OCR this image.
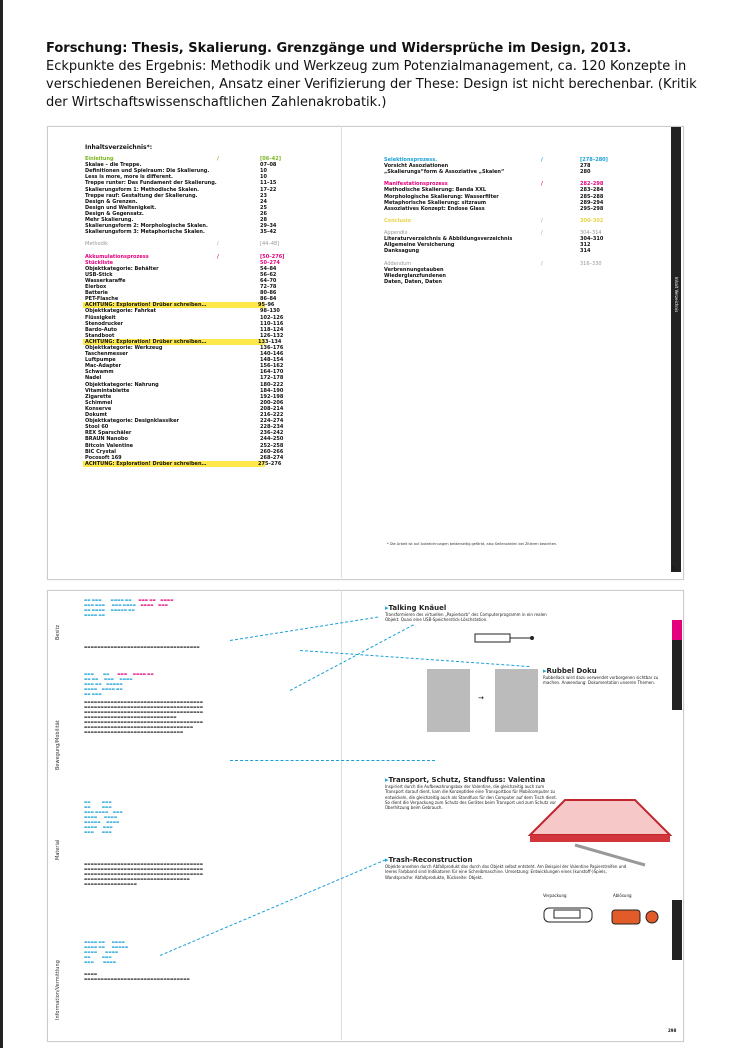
Forschung: Thesis, Skalierung. Grenzgänge und Widersprüche im Design, 2013.
Eckpunkte des Ergebnis: Methodik und Werkzeug zum Potenzialmanagement, ca. 120 Konzepte in verschiedenen Bereichen, Ansatz einer Verifizierung der These: Design ist nicht berechenbar. (Kritik der Wirtschaftswissenschaftlichen Zahlenakrobatik.)
Inhalt Verzeichnis
Inhaltsverzeichnis*:
Einleitung	/	[06–42]
Skalae – die Treppe.	07–08
Definitionen und Spielraum: Die Skalierung.	10
Less is more, more is different.	10
Treppe runter: Das Fundament der Skalierung.	11–15
Skalierungsform 1: Methodische Skalen.	17–22
Treppe rauf: Gestaltung der Skalierung.	23
Design & Grenzen.	24
Design und Weltenigkeit.	25
Design & Gegensatz.	26
Mehr Skalierung.	28
Skalierungsform 2: Morphologische Skalen.	29–34
Skalierungsform 3: Metaphorische Skalen.	35–42
Methodik	/	[44–48]
Akkumulationsprozess	/	[50–276]
Stückliste	50–274
Objektkategorie: Behälter	54–84
USB-Stick	56–62
Wasserkaraffe	64–70
Eierbox	72–78
Batterie	80–86
PET-Flasche	86–84
ACHTUNG: Exploration! Drüber schreiben…	95–96
Objektkategorie: Fahrkat	98–130
Flüssigkeit	102–126
Stenodrucker	110–116
Bardo-Auto	118–124
Standboot	126–132
ACHTUNG: Exploration! Drüber schreiben…	133–134
Objektkategorie: Werkzeug	136–176
Taschenmesser	140–146
Luftpumpe	148–154
Mac-Adapter	156–162
Schwamm	164–170
Nadel	172–178
Objektkategorie: Nahrung	180–222
Vitamintablette	184–190
Zigarette	192–198
Schimmel	200–206
Konserve	208–214
Dokumt	216–222
Objektkategorie: Designklassiker	224–274
Stool 60	228–234
REX Sparschäler	236–242
BRAUN Nanobo	244–250
Bitcoin Valentine	252–258
BIC Crystal	260–266
Pocosoft 169	268–274
ACHTUNG: Exploration! Drüber schreiben…	275–276
Selektionsprozess.	/	[278–280]
Vorsicht Assoziationen	278
„Skalierungs“form & Assoziative „Skalen“	280
Manifestationsprozess	/	282–298
Methodische Skalierung: Banda XXL	283–284
Morphologische Skalierung: Wasserfilter	285–288
Metaphorische Skalierung: sitzraum	289–294
Assoziatives Konzept: Endose Glass	295–298
Conclusio	/	300–302
Appendix	/	304–314
Literaturverzeichnis & Abbildungsverzeichnis	304–310
Allgemeine Versicherung	312
Danksagung	314
Addendum	/	316–330
Verbrennungstauben
Wiederglanzfundenen
Daten, Daten, Daten
* Die Arbeit ist auf Aufzeichnungen beiderseitig gefärbt, also Seitenzahlen bei Zitieren beachten.
5
Besitz
Bewegung/Mobilität
Material
Information/Vermittlung
▬▬ ▬▬▬        ▬▬▬▬ ▬▬      ▬▬▬ ▬▬    ▬▬▬▬
▬▬▬ ▬▬▬      ▬▬▬ ▬▬▬▬    ▬▬▬▬    ▬▬▬
▬▬ ▬▬▬▬     ▬▬▬▬▬ ▬▬
▬▬▬▬ ▬▬
▬▬▬▬▬▬▬▬▬▬▬▬▬▬▬▬▬▬▬▬▬▬▬▬▬▬▬▬▬▬▬▬▬▬▬
▬▬▬        ▬▬       ▬▬▬     ▬▬▬▬ ▬▬
▬▬ ▬▬     ▬▬▬     ▬▬▬▬
▬▬▬ ▬▬    ▬▬▬▬▬
▬▬▬▬    ▬▬▬▬ ▬▬
▬▬ ▬▬▬
▬▬▬▬▬▬▬▬▬▬▬▬▬▬▬▬▬▬▬▬▬▬▬▬▬▬▬▬▬▬▬▬▬▬▬▬
▬▬▬▬▬▬▬▬▬▬▬▬▬▬▬▬▬▬▬▬▬▬▬▬▬▬▬▬▬▬▬▬▬▬▬▬
▬▬▬▬▬▬▬▬▬▬▬▬▬▬▬▬▬▬▬▬▬▬▬▬▬▬▬▬▬▬▬▬▬▬▬▬
▬▬▬▬▬▬▬▬▬▬▬▬▬▬▬▬▬▬▬▬▬▬▬▬▬▬▬▬
▬▬▬▬▬▬▬▬▬▬▬▬▬▬▬▬▬▬▬▬▬▬▬▬▬▬▬▬▬▬▬▬▬▬▬▬
▬▬▬▬▬▬▬▬▬▬▬▬▬▬▬▬▬▬▬▬▬▬▬▬▬▬▬▬▬▬▬▬▬
▬▬▬▬▬▬▬▬▬▬▬▬▬▬▬▬▬▬▬▬▬▬▬▬▬▬▬▬▬▬
▬▬          ▬▬▬
▬▬          ▬▬▬
▬▬▬ ▬▬▬▬    ▬▬▬
▬▬▬▬      ▬▬▬▬
▬▬▬▬▬     ▬▬▬▬
▬▬▬▬     ▬▬▬
▬▬▬       ▬▬▬
▬▬▬▬▬▬▬▬▬▬▬▬▬▬▬▬▬▬▬▬▬▬▬▬▬▬▬▬▬▬▬▬▬▬▬▬
▬▬▬▬▬▬▬▬▬▬▬▬▬▬▬▬▬▬▬▬▬▬▬▬▬▬▬▬▬▬▬▬▬▬▬▬
▬▬▬▬▬▬▬▬▬▬▬▬▬▬▬▬▬▬▬▬▬▬▬▬▬▬▬▬▬▬▬▬▬▬▬▬
▬▬▬▬▬▬▬▬▬▬▬▬▬▬▬▬▬▬▬▬▬▬▬▬▬▬▬▬▬▬▬▬
▬▬▬▬▬▬▬▬▬▬▬▬▬▬▬▬
▬▬▬▬ ▬▬      ▬▬▬▬
▬▬▬▬ ▬▬      ▬▬▬▬▬
▬▬▬▬       ▬▬▬▬
▬▬          ▬▬▬
▬▬▬        ▬▬▬▬
▬▬▬▬
▬▬▬▬▬▬▬▬▬▬▬▬▬▬▬▬▬▬▬▬▬▬▬▬▬▬▬▬▬▬▬▬
▸Talking Knäuel
Transformieren des virtuellen „Papierkorb“ des Computerprogramm in ein realen Objekt. Quasi eine USB-Speicherstick-Löschstation.
▸Rubbel Doku
Rubbellack wird dazu verwendet vorborgenen sichtbar zu machen. Anwendung: Dokumentation unseren Themen.
→
▸Transport, Schutz, Standfuss: Valentina
Inspiriert durch die Aufbewahrungsbox der Valentine, die gleichzeitig auch zum Transport darauf dient, kam die Konzeptidee eine Transportbox für Mobilcomputer zu entwickeln, die gleichzeitig auch als Standfuss für den Computer auf dem Tisch dient. So dient die Verpackung zum Schutz des Gerätes beim Transport und zum Schutz vor Überhitzung beim Gebrauch.
▸Trash-Reconstruction
Objekte ansehen durch Abfallprodukt das durch das Objekt selbst entsteht. Am Beispiel der Valentine Papierstreifen und leeres Farbband sind Indikatoren für eine Schreibmaschine. Umsetzung: Entwicklungen eines (kunstoff-)Spiels, Wandsprache: Abfallprodukte, Rückseite: Objekt.
Verpackung	Ablösung
298
